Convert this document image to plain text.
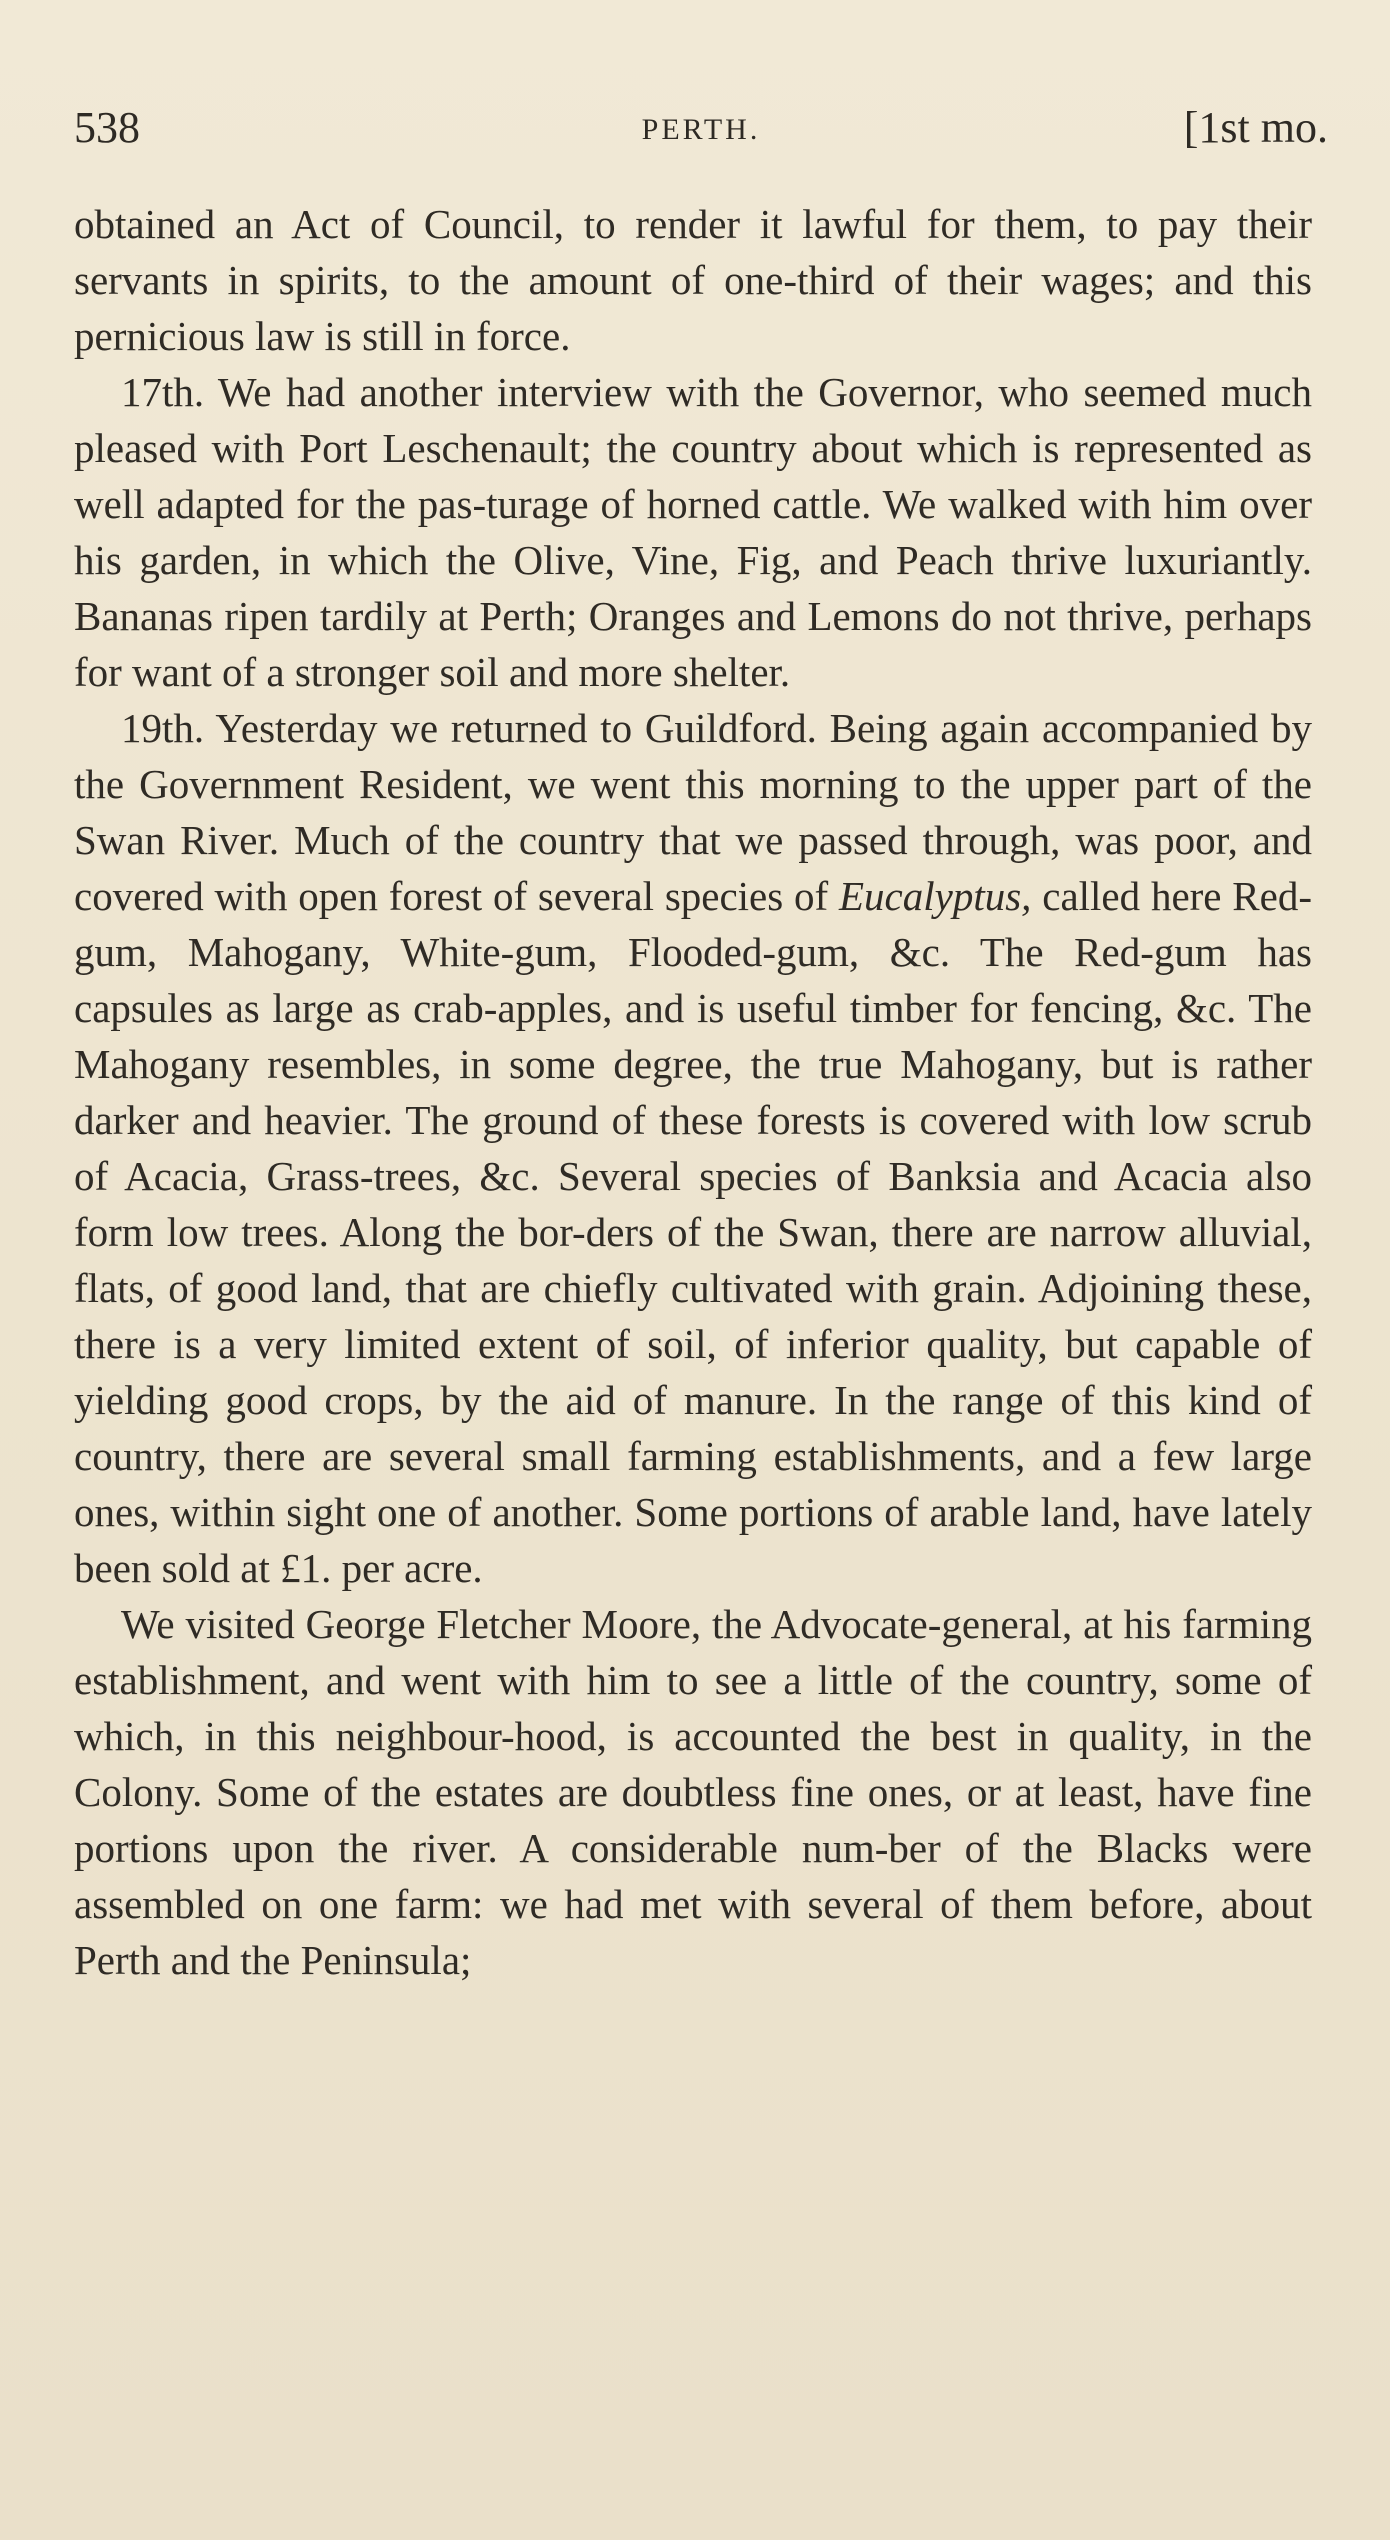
538	PERTH.	[1st mo.

obtained an Act of Council, to render it lawful for them, to pay their servants in spirits, to the amount of one-third of their wages; and this pernicious law is still in force.

17th. We had another interview with the Governor, who seemed much pleased with Port Leschenault; the country about which is represented as well adapted for the pas-turage of horned cattle. We walked with him over his garden, in which the Olive, Vine, Fig, and Peach thrive luxuriantly. Bananas ripen tardily at Perth; Oranges and Lemons do not thrive, perhaps for want of a stronger soil and more shelter.

19th. Yesterday we returned to Guildford. Being again accompanied by the Government Resident, we went this morning to the upper part of the Swan River. Much of the country that we passed through, was poor, and covered with open forest of several species of Eucalyptus, called here Red-gum, Mahogany, White-gum, Flooded-gum, &c. The Red-gum has capsules as large as crab-apples, and is useful timber for fencing, &c. The Mahogany resembles, in some degree, the true Mahogany, but is rather darker and heavier. The ground of these forests is covered with low scrub of Acacia, Grass-trees, &c. Several species of Banksia and Acacia also form low trees. Along the bor-ders of the Swan, there are narrow alluvial, flats, of good land, that are chiefly cultivated with grain. Adjoining these, there is a very limited extent of soil, of inferior quality, but capable of yielding good crops, by the aid of manure. In the range of this kind of country, there are several small farming establishments, and a few large ones, within sight one of another. Some portions of arable land, have lately been sold at £1. per acre.

We visited George Fletcher Moore, the Advocate-general, at his farming establishment, and went with him to see a little of the country, some of which, in this neighbour-hood, is accounted the best in quality, in the Colony. Some of the estates are doubtless fine ones, or at least, have fine portions upon the river. A considerable num-ber of the Blacks were assembled on one farm: we had met with several of them before, about Perth and the Peninsula;
